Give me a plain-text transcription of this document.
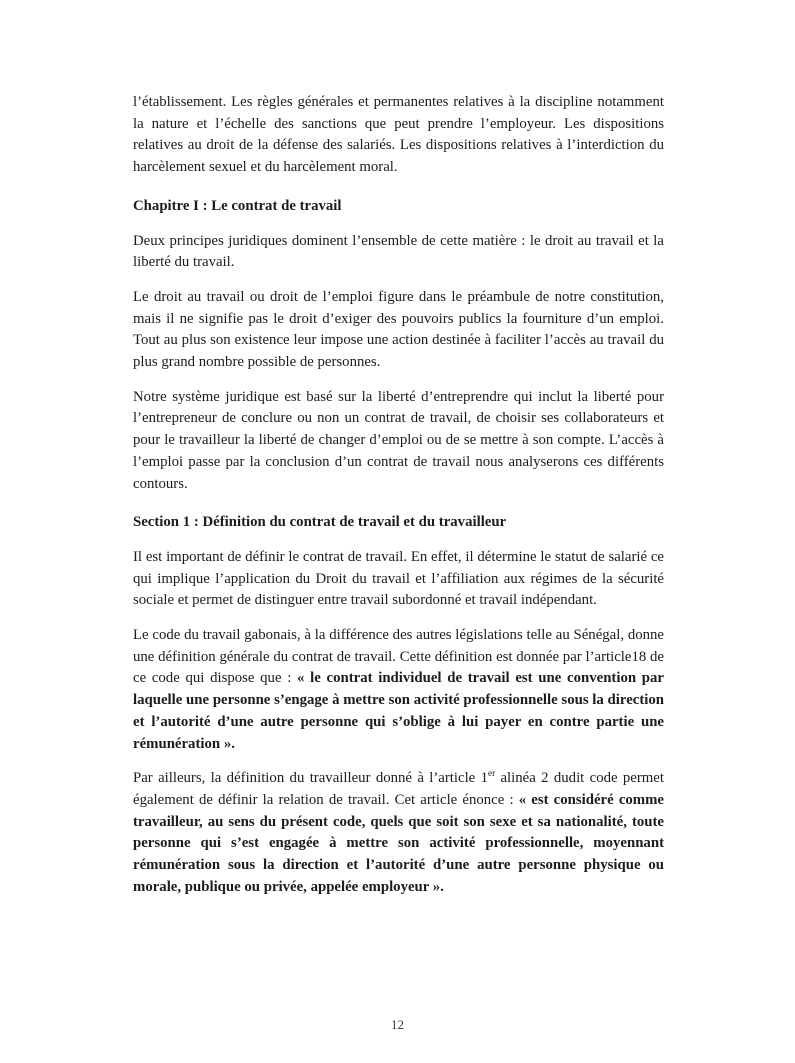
l’établissement. Les règles générales et permanentes relatives à la discipline notamment la nature et l’échelle des sanctions que peut prendre l’employeur. Les dispositions relatives au droit de la défense des salariés. Les dispositions relatives à l’interdiction du harcèlement sexuel et du harcèlement moral.

Chapitre I : Le contrat de travail

Deux principes juridiques dominent l’ensemble de cette matière : le droit au travail et la liberté du travail.

Le droit au travail ou droit de l’emploi figure dans le préambule de notre constitution, mais il ne signifie pas le droit d’exiger des pouvoirs publics la fourniture d’un emploi. Tout au plus son existence leur impose une action destinée à faciliter l’accès au travail du plus grand nombre possible de personnes.

Notre système juridique est basé sur la liberté d’entreprendre qui inclut la liberté pour l’entrepreneur de conclure ou non un contrat de travail, de choisir ses collaborateurs et pour le travailleur la liberté de changer d’emploi ou de se mettre à son compte. L’accès à l’emploi passe par la conclusion d’un contrat de travail nous analyserons ces différents contours.

Section 1 : Définition du contrat de travail et du travailleur

Il est important de définir le contrat de travail. En effet, il détermine le statut de salarié ce qui implique l’application du Droit du travail et l’affiliation aux régimes de la sécurité sociale et permet de distinguer entre travail subordonné et travail indépendant.

Le code du travail gabonais, à la différence des autres législations telle au Sénégal, donne une définition générale du contrat de travail. Cette définition est donnée par l’article18 de ce code qui dispose que : « le contrat individuel de travail est une convention par laquelle une personne s’engage à mettre son activité professionnelle sous la direction et l’autorité d’une autre personne qui s’oblige à lui payer en contre partie une rémunération ».

Par ailleurs, la définition du travailleur donné à l’article 1er alinéa 2 dudit code permet également de définir la relation de travail. Cet article énonce : « est considéré comme travailleur, au sens du présent code, quels que soit son sexe et sa nationalité, toute personne qui s’est engagée à mettre son activité professionnelle, moyennant rémunération sous la direction et l’autorité d’une autre personne physique ou morale, publique ou privée, appelée employeur ».

12
